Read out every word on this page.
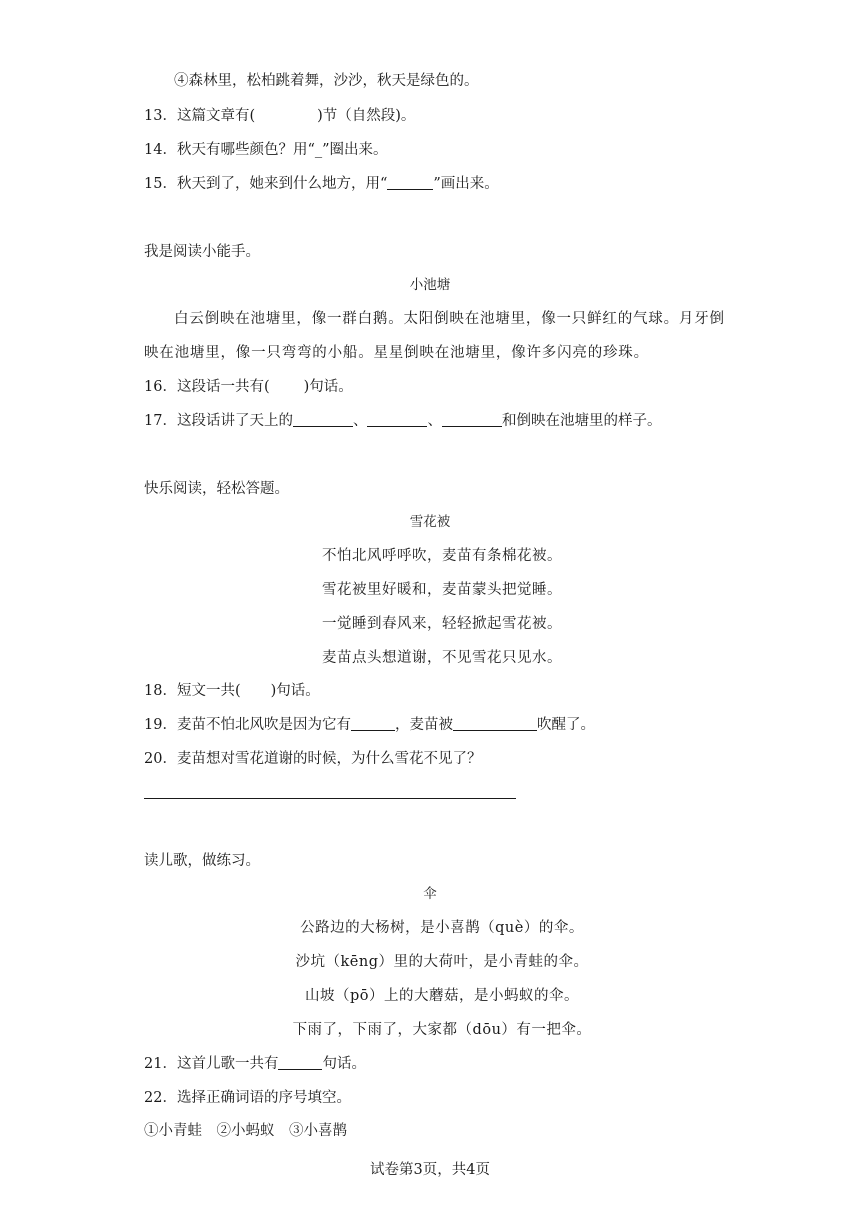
④森林里，松柏跳着舞，沙沙，秋天是绿色的。
13．这篇文章有(	)节（自然段)。
14．秋天有哪些颜色？用“_”圈出来。
15．秋天到了，她来到什么地方，用“	”画出来。
我是阅读小能手。
小池塘
白云倒映在池塘里，像一群白鹅。太阳倒映在池塘里，像一只鲜红的气球。月牙倒
映在池塘里，像一只弯弯的小船。星星倒映在池塘里，像许多闪亮的珍珠。
16．这段话一共有( )句话。
17．这段话讲了天上的	、	、	和倒映在池塘里的样子。
快乐阅读，轻松答题。
雪花被
不怕北风呼呼吹，麦苗有条棉花被。
雪花被里好暖和，麦苗蒙头把觉睡。
一觉睡到春风来，轻轻掀起雪花被。
麦苗点头想道谢，不见雪花只见水。
18．短文一共( )句话。
19．麦苗不怕北风吹是因为它有	，麦苗被	吹醒了。
20．麦苗想对雪花道谢的时候，为什么雪花不见了？
读儿歌，做练习。
伞
公路边的大杨树，是小喜鹊（què）的伞。
沙坑（kēng）里的大荷叶，是小青蛙的伞。
山坡（pō）上的大蘑菇，是小蚂蚁的伞。
下雨了，下雨了，大家都（dōu）有一把伞。
21．这首儿歌一共有	句话。
22．选择正确词语的序号填空。
①小青蛙　②小蚂蚁　③小喜鹊
试卷第3页，共4页
